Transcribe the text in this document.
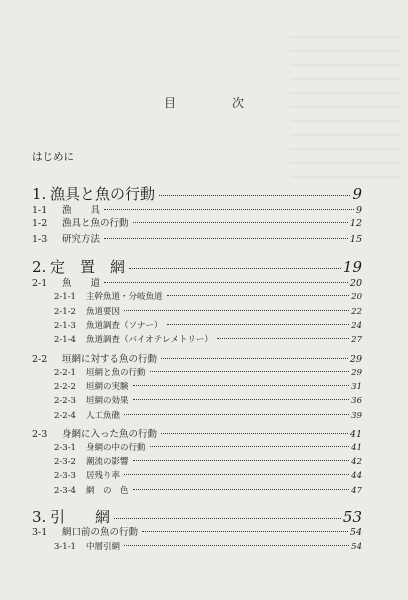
目　次
はじめに
1. 漁具と魚の行動	9
1-1	漁　　具	9
1-2	漁具と魚の行動	12
1-3	研究方法	15
2. 定　置　網	19
2-1	魚　　道	20
2-1-1	主幹魚道・分岐魚道	20
2-1-2	魚道要因	22
2-1-3	魚道調査（ソナー）	24
2-1-4	魚道調査（バイオテレメトリー）	27
2-2	垣網に対する魚の行動	29
2-2-1	垣網と魚の行動	29
2-2-2	垣網の実験	31
2-2-3	垣網の効果	36
2-2-4	人工魚礁	39
2-3	身網に入った魚の行動	41
2-3-1	身網の中の行動	41
2-3-2	潮流の影響	42
2-3-3	居残り率	44
2-3-4	網　の　色	47
3. 引　　網	53
3-1	網口前の魚の行動	54
3-1-1	中層引網	54
